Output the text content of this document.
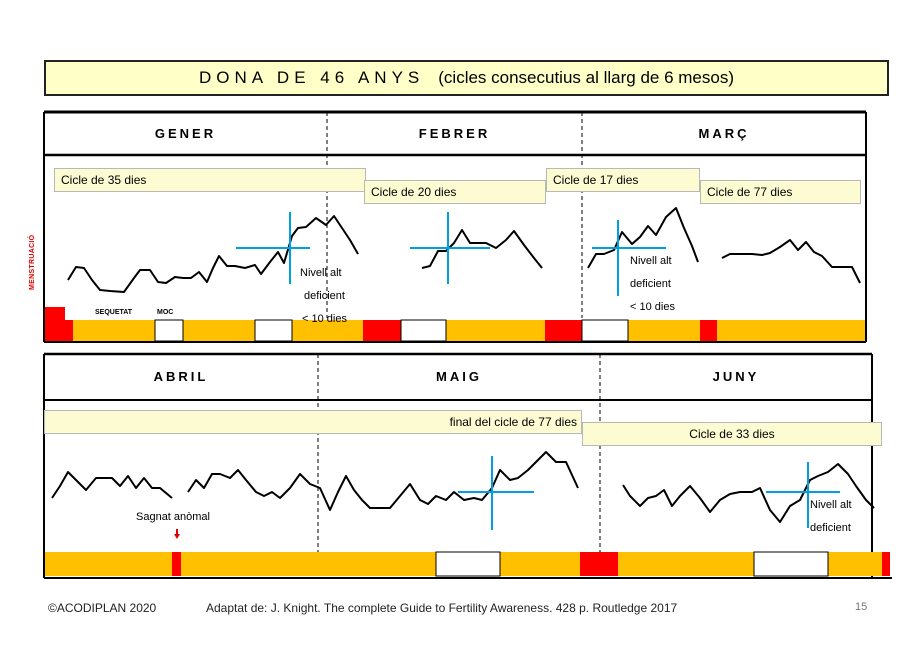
DONA DE 46 ANYS (cicles consecutius al llarg de 6 mesos)
GENER	FEBRER	MARÇ
ABRIL	MAIG	JUNY
Cicle de 35 dies
Cicle de 20 dies
Cicle de 17 dies
Cicle de 77 dies
final del cicle de 77 dies
Cicle de 33 dies
MENSTRUACIÓ
SEQUETAT	MOC
Nivell alt
deficient
< 10 dies
Nivell alt
deficient
< 10 dies
Nivell alt
deficient
Sagnat anòmal
©ACODIPLAN 2020	Adaptat de: J. Knight. The complete Guide to Fertility Awareness. 428 p. Routledge 2017	15
